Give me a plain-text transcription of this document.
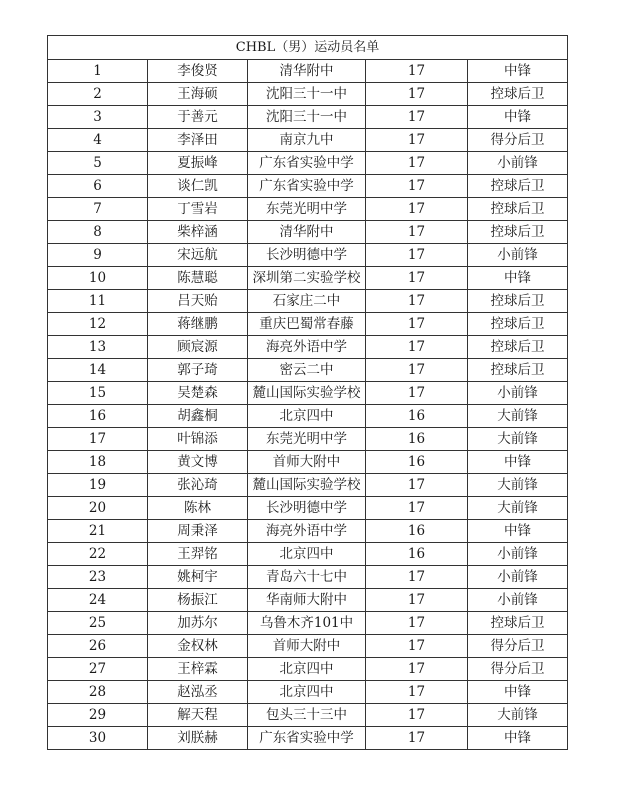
CHBL（男）运动员名单				
1	李俊贤	清华附中	17	中锋
2	王海硕	沈阳三十一中	17	控球后卫
3	于善元	沈阳三十一中	17	中锋
4	李泽田	南京九中	17	得分后卫
5	夏振峰	广东省实验中学	17	小前锋
6	谈仁凯	广东省实验中学	17	控球后卫
7	丁雪岩	东莞光明中学	17	控球后卫
8	柴梓涵	清华附中	17	控球后卫
9	宋远航	长沙明德中学	17	小前锋
10	陈慧聪	深圳第二实验学校	17	中锋
11	吕天贻	石家庄二中	17	控球后卫
12	蒋继鹏	重庆巴蜀常春藤	17	控球后卫
13	顾宸源	海亮外语中学	17	控球后卫
14	郭子琦	密云二中	17	控球后卫
15	吴楚森	麓山国际实验学校	17	小前锋
16	胡鑫桐	北京四中	16	大前锋
17	叶锦添	东莞光明中学	16	大前锋
18	黄文博	首师大附中	16	中锋
19	张沁琦	麓山国际实验学校	17	大前锋
20	陈林	长沙明德中学	17	大前锋
21	周秉泽	海亮外语中学	16	中锋
22	王羿铭	北京四中	16	小前锋
23	姚柯宇	青岛六十七中	17	小前锋
24	杨振江	华南师大附中	17	小前锋
25	加苏尔	乌鲁木齐101中	17	控球后卫
26	金权林	首师大附中	17	得分后卫
27	王梓霖	北京四中	17	得分后卫
28	赵泓丞	北京四中	17	中锋
29	解天程	包头三十三中	17	大前锋
30	刘朕赫	广东省实验中学	17	中锋
